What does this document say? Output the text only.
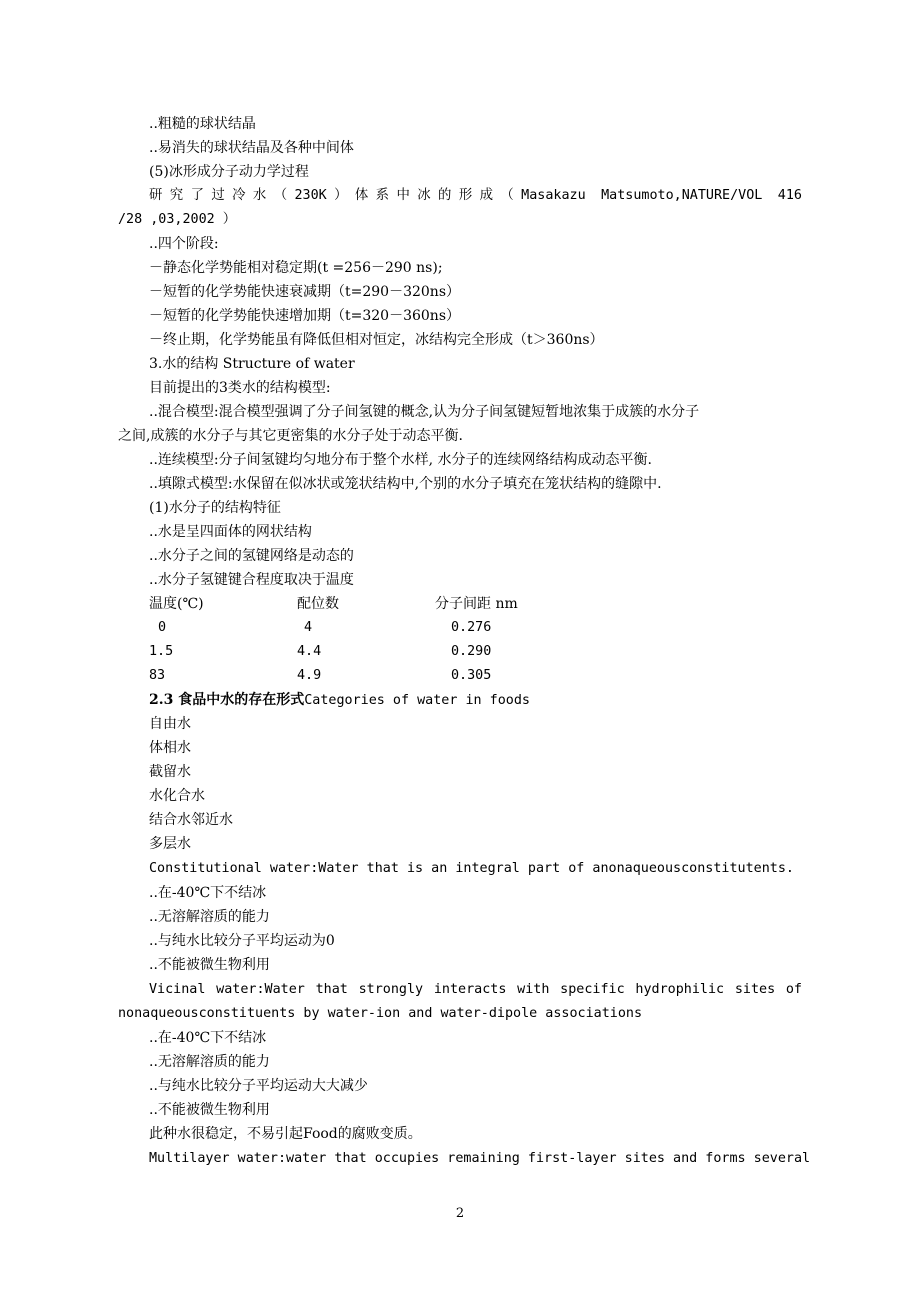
..粗糙的球状结晶
..易消失的球状结晶及各种中间体
(5)冰形成分子动力学过程
研究了过冷水（230K）体系中冰的形成（Masakazu Matsumoto,NATURE/VOL 416
/28 ,03,2002 ）
..四个阶段:
－静态化学势能相对稳定期(t =256－290 ns);
－短暂的化学势能快速衰减期（t=290－320ns）
－短暂的化学势能快速增加期（t=320－360ns）
－终止期，化学势能虽有降低但相对恒定，冰结构完全形成（t＞360ns）
3.水的结构 Structure of water
目前提出的3类水的结构模型:
..混合模型:混合模型强调了分子间氢键的概念,认为分子间氢键短暂地浓集于成簇的水分子
之间,成簇的水分子与其它更密集的水分子处于动态平衡.
..连续模型:分子间氢键均匀地分布于整个水样, 水分子的连续网络结构成动态平衡.
..填隙式模型:水保留在似冰状或笼状结构中,个别的水分子填充在笼状结构的缝隙中.
(1)水分子的结构特征
..水是呈四面体的网状结构
..水分子之间的氢键网络是动态的
..水分子氢键键合程度取决于温度
温度(℃)	配位数	分子间距 nm
0	4	0.276
1.5	4.4	0.290
83	4.9	0.305
2.3 食品中水的存在形式Categories of water in foods
自由水
体相水
截留水
水化合水
结合水邻近水
多层水
Constitutional water:Water that is an integral part of anonaqueousconstitutents.
..在-40℃下不结冰
..无溶解溶质的能力
..与纯水比较分子平均运动为0
..不能被微生物利用
Vicinal water:Water that strongly interacts with specific hydrophilic sites of
nonaqueousconstituents by water-ion and water-dipole associations
..在-40℃下不结冰
..无溶解溶质的能力
..与纯水比较分子平均运动大大减少
..不能被微生物利用
此种水很稳定，不易引起Food的腐败变质。
Multilayer water:water that occupies remaining first-layer sites and forms several
2
